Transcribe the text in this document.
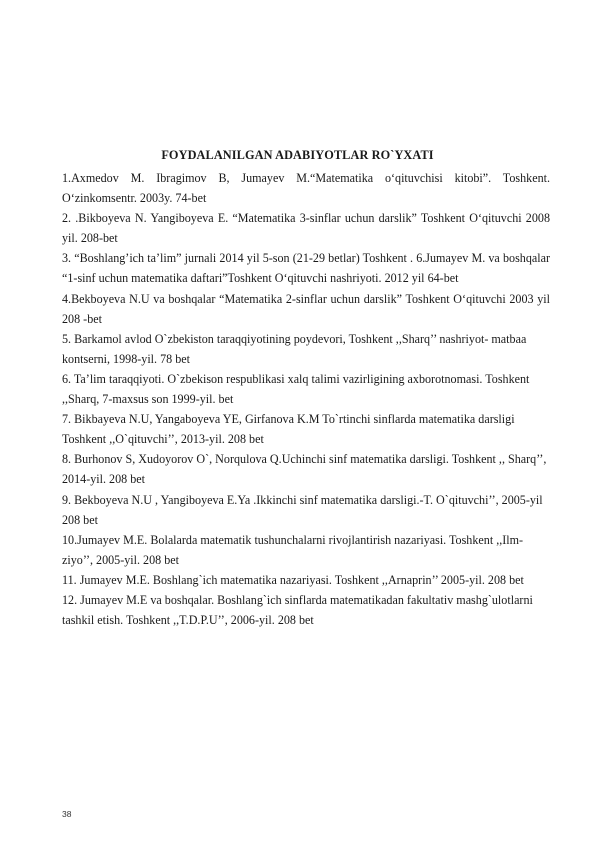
FOYDALANILGAN ADABIYOTLAR RO`YXATI

1.Axmedov M. Ibragimov B, Jumayev M.“Matematika o‘qituvchisi kitobi”. Toshkent. O‘zinkomsentr. 2003y. 74-bet

2. .Bikboyeva N. Yangiboyeva E. “Matematika 3-sinflar uchun darslik” Toshkent O‘qituvchi 2008 yil. 208-bet

3. “Boshlang’ich ta’lim” jurnali 2014 yil 5-son (21-29 betlar) Toshkent . 6.Jumayev M. va boshqalar “1-sinf uchun matematika daftari”Toshkent O‘qituvchi nashriyoti. 2012 yil 64-bet

4.Bekboyeva N.U va boshqalar “Matematika 2-sinflar uchun darslik” Toshkent O‘qituvchi 2003 yil 208 -bet

5. Barkamol avlod O`zbekiston taraqqiyotining poydevori, Toshkent ,,Sharq’’ nashriyot- matbaa kontserni, 1998-yil. 78 bet

6. Ta’lim taraqqiyoti. O`zbekison respublikasi xalq talimi vazirligining axborotnomasi. Toshkent ,,Sharq, 7-maxsus son 1999-yil. bet

7. Bikbayeva N.U, Yangaboyeva YE, Girfanova K.M To`rtinchi sinflarda matematika darsligi Toshkent ,,O`qituvchi’’, 2013-yil. 208 bet

8. Burhonov S, Xudoyorov O`, Norqulova Q.Uchinchi sinf matematika darsligi. Toshkent ,, Sharq’’, 2014-yil. 208 bet

9. Bekboyeva N.U , Yangiboyeva E.Ya .Ikkinchi sinf matematika darsligi.-T. O`qituvchi’’, 2005-yil 208 bet

10.Jumayev M.E. Bolalarda matematik tushunchalarni rivojlantirish nazariyasi. Toshkent ,,Ilm-ziyo’’, 2005-yil. 208 bet

11. Jumayev M.E. Boshlang`ich matematika nazariyasi. Toshkent ,,Arnaprin’’ 2005-yil. 208 bet

12. Jumayev M.E va boshqalar. Boshlang`ich sinflarda matematikadan fakultativ mashg`ulotlarni tashkil etish. Toshkent ,,T.D.P.U’’, 2006-yil. 208 bet

38
